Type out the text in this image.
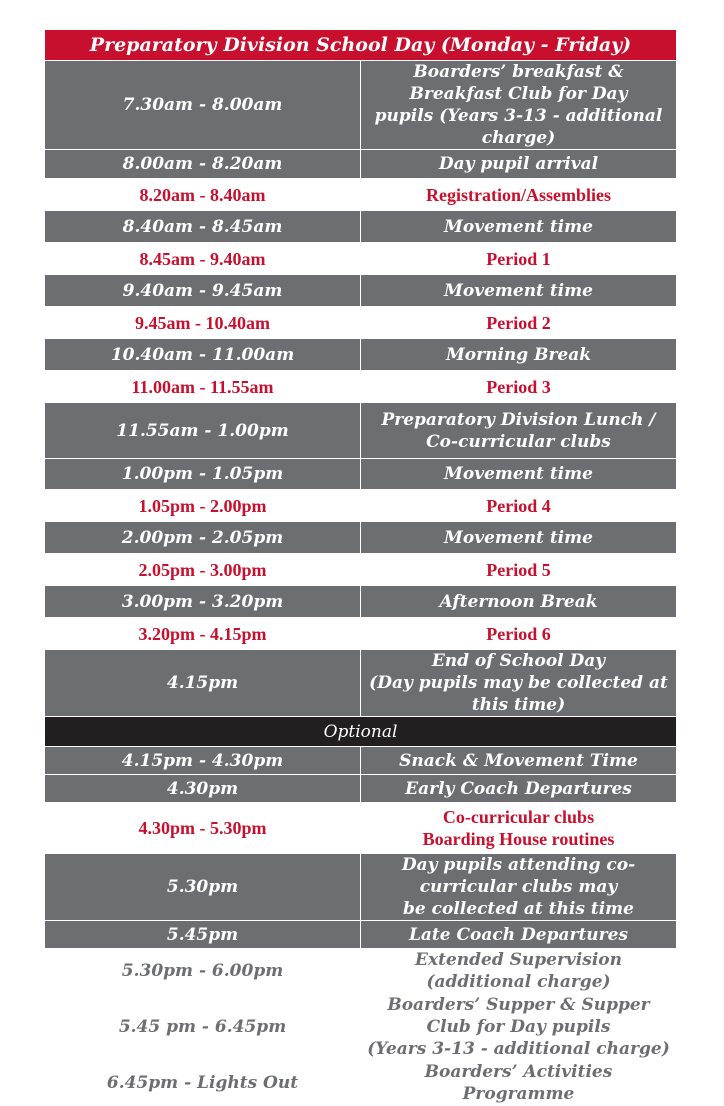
Preparatory Division School Day (Monday - Friday)	
7.30am - 8.00am	Boarders’ breakfast & Breakfast Club for Day
pupils (Years 3-13 - additional charge)

8.00am - 8.20am	Day pupil arrival

8.20am - 8.40am	Registration/Assemblies

8.40am - 8.45am	Movement time

8.45am - 9.40am	Period 1

9.40am - 9.45am	Movement time

9.45am - 10.40am	Period 2

10.40am - 11.00am	Morning Break

11.00am - 11.55am	Period 3

11.55am - 1.00pm	Preparatory Division Lunch /
Co-curricular clubs

1.00pm - 1.05pm	Movement time

1.05pm - 2.00pm	Period 4

2.00pm - 2.05pm	Movement time

2.05pm - 3.00pm	Period 5

3.00pm - 3.20pm	Afternoon Break

3.20pm - 4.15pm	Period 6

4.15pm	End of School Day
(Day pupils may be collected at this time)

Optional	
4.15pm - 4.30pm	Snack & Movement Time

4.30pm	Early Coach Departures

4.30pm - 5.30pm	Co-curricular clubs
Boarding House routines

5.30pm	Day pupils attending co-curricular clubs may
be collected at this time

5.45pm	Late Coach Departures

5.30pm - 6.00pm	Extended Supervision (additional charge)

5.45 pm - 6.45pm	Boarders’ Supper & Supper Club for Day pupils
(Years 3-13 - additional charge)

6.45pm - Lights Out	Boarders’ Activities Programme
